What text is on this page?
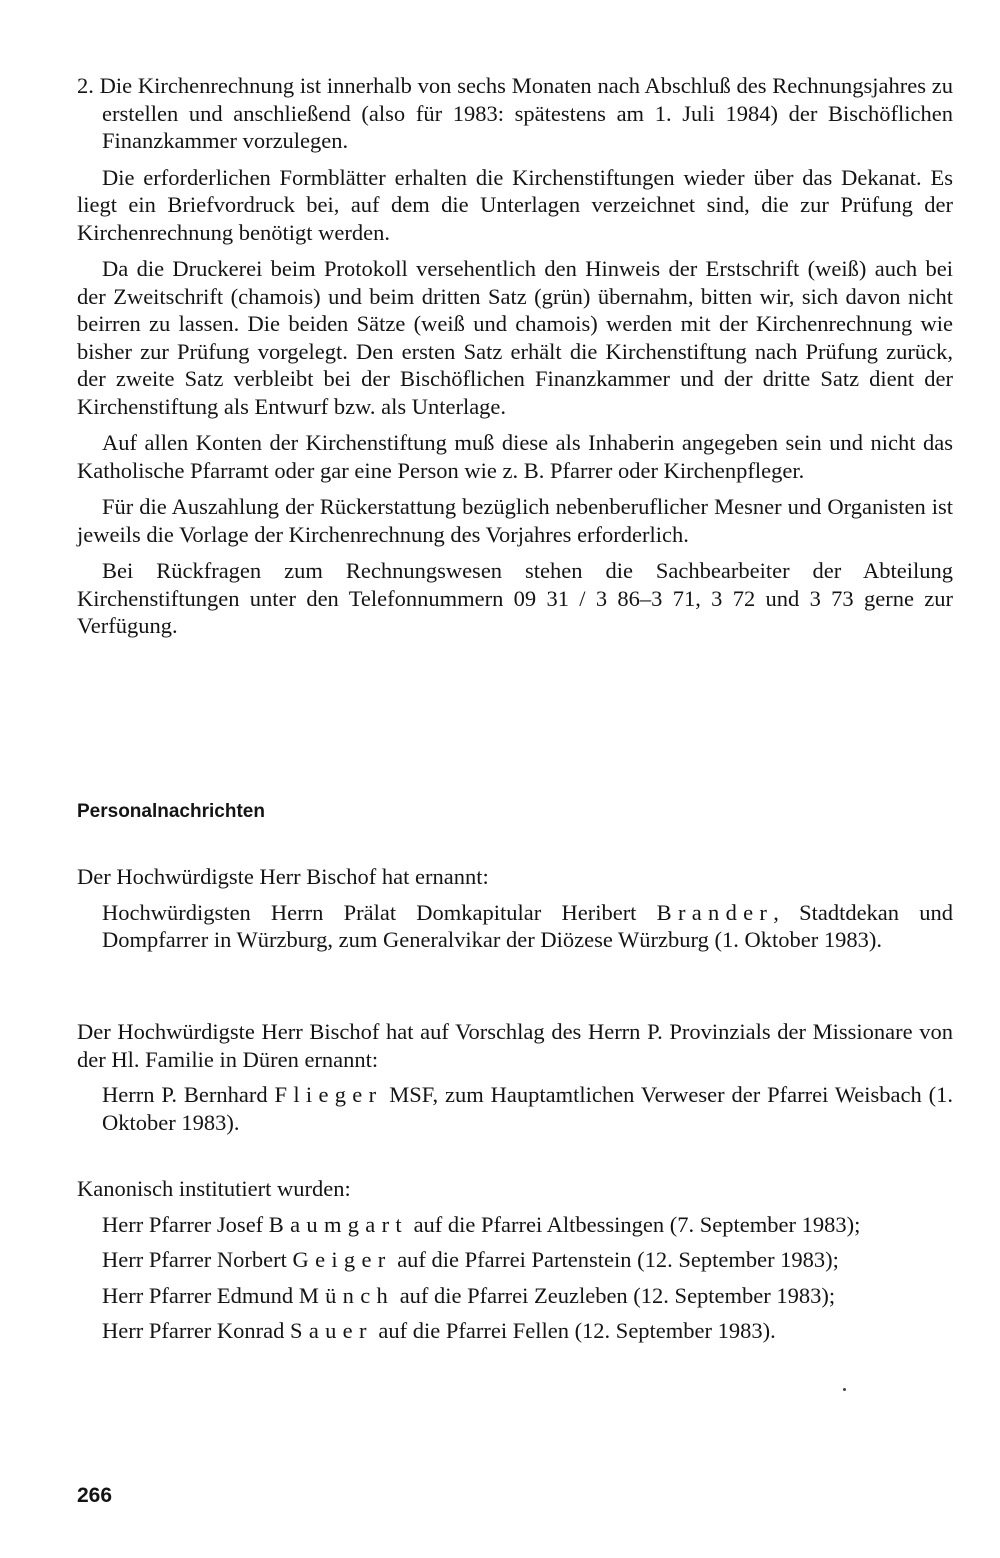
2. Die Kirchenrechnung ist innerhalb von sechs Monaten nach Abschluß des Rechnungsjahres zu erstellen und anschließend (also für 1983: spätestens am 1. Juli 1984) der Bischöflichen Finanzkammer vorzulegen.

Die erforderlichen Formblätter erhalten die Kirchenstiftungen wieder über das Dekanat. Es liegt ein Briefvordruck bei, auf dem die Unterlagen verzeichnet sind, die zur Prüfung der Kirchenrechnung benötigt werden.

Da die Druckerei beim Protokoll versehentlich den Hinweis der Erstschrift (weiß) auch bei der Zweitschrift (chamois) und beim dritten Satz (grün) übernahm, bitten wir, sich davon nicht beirren zu lassen. Die beiden Sätze (weiß und chamois) werden mit der Kirchenrechnung wie bisher zur Prüfung vorgelegt. Den ersten Satz erhält die Kirchenstiftung nach Prüfung zurück, der zweite Satz verbleibt bei der Bischöflichen Finanzkammer und der dritte Satz dient der Kirchenstiftung als Entwurf bzw. als Unterlage.

Auf allen Konten der Kirchenstiftung muß diese als Inhaberin angegeben sein und nicht das Katholische Pfarramt oder gar eine Person wie z. B. Pfarrer oder Kirchenpfleger.

Für die Auszahlung der Rückerstattung bezüglich nebenberuflicher Mesner und Organisten ist jeweils die Vorlage der Kirchenrechnung des Vorjahres erforderlich.

Bei Rückfragen zum Rechnungswesen stehen die Sachbearbeiter der Abteilung Kirchenstiftungen unter den Telefonnummern 09 31 / 3 86–3 71, 3 72 und 3 73 gerne zur Verfügung.

Personalnachrichten

Der Hochwürdigste Herr Bischof hat ernannt:

Hochwürdigsten Herrn Prälat Domkapitular Heribert Brander, Stadtdekan und Dompfarrer in Würzburg, zum Generalvikar der Diözese Würzburg (1. Oktober 1983).

Der Hochwürdigste Herr Bischof hat auf Vorschlag des Herrn P. Provinzials der Missionare von der Hl. Familie in Düren ernannt:

Herrn P. Bernhard Flieger MSF, zum Hauptamtlichen Verweser der Pfarrei Weisbach (1. Oktober 1983).

Kanonisch institutiert wurden:

Herr Pfarrer Josef Baumgart auf die Pfarrei Altbessingen (7. September 1983);

Herr Pfarrer Norbert Geiger auf die Pfarrei Partenstein (12. September 1983);

Herr Pfarrer Edmund Münch auf die Pfarrei Zeuzleben (12. September 1983);

Herr Pfarrer Konrad Sauer auf die Pfarrei Fellen (12. September 1983).

266
